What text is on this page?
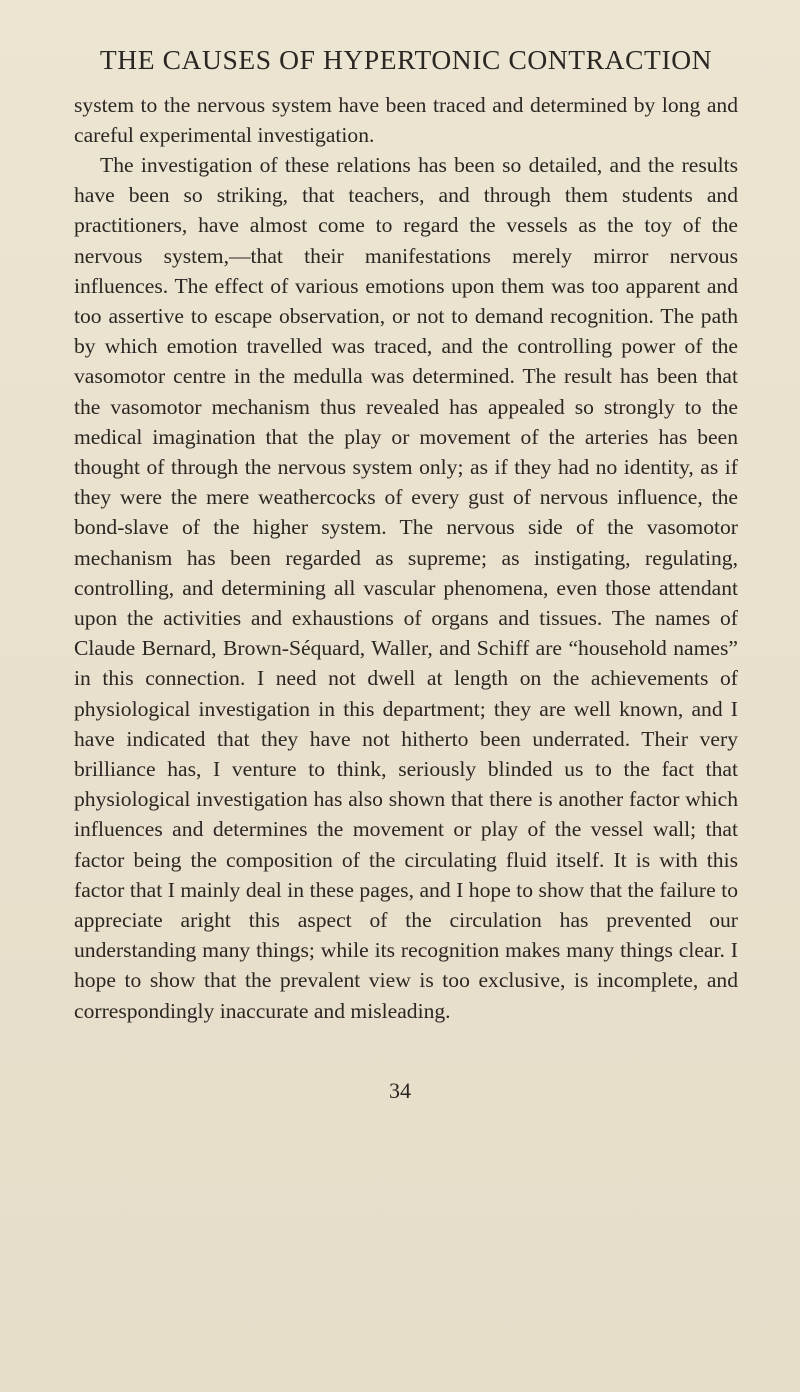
THE CAUSES OF HYPERTONIC CONTRACTION

system to the nervous system have been traced and determined by long and careful experimental investigation.

The investigation of these relations has been so detailed, and the results have been so striking, that teachers, and through them students and practitioners, have almost come to regard the vessels as the toy of the nervous system,—that their manifestations merely mirror nervous influences. The effect of various emotions upon them was too apparent and too assertive to escape observation, or not to demand recognition. The path by which emotion travelled was traced, and the controlling power of the vasomotor centre in the medulla was determined. The result has been that the vasomotor mechanism thus revealed has appealed so strongly to the medical imagination that the play or movement of the arteries has been thought of through the nervous system only; as if they had no identity, as if they were the mere weathercocks of every gust of nervous influence, the bond-slave of the higher system. The nervous side of the vasomotor mechanism has been regarded as supreme; as instigating, regulating, controlling, and determining all vascular phenomena, even those attendant upon the activities and exhaustions of organs and tissues. The names of Claude Bernard, Brown-Séquard, Waller, and Schiff are “household names” in this connection. I need not dwell at length on the achievements of physiological investigation in this department; they are well known, and I have indicated that they have not hitherto been underrated. Their very brilliance has, I venture to think, seriously blinded us to the fact that physiological investigation has also shown that there is another factor which influences and determines the movement or play of the vessel wall; that factor being the composition of the circulating fluid itself. It is with this factor that I mainly deal in these pages, and I hope to show that the failure to appreciate aright this aspect of the circulation has prevented our understanding many things; while its recognition makes many things clear. I hope to show that the prevalent view is too exclusive, is incomplete, and correspondingly inaccurate and misleading.

34
